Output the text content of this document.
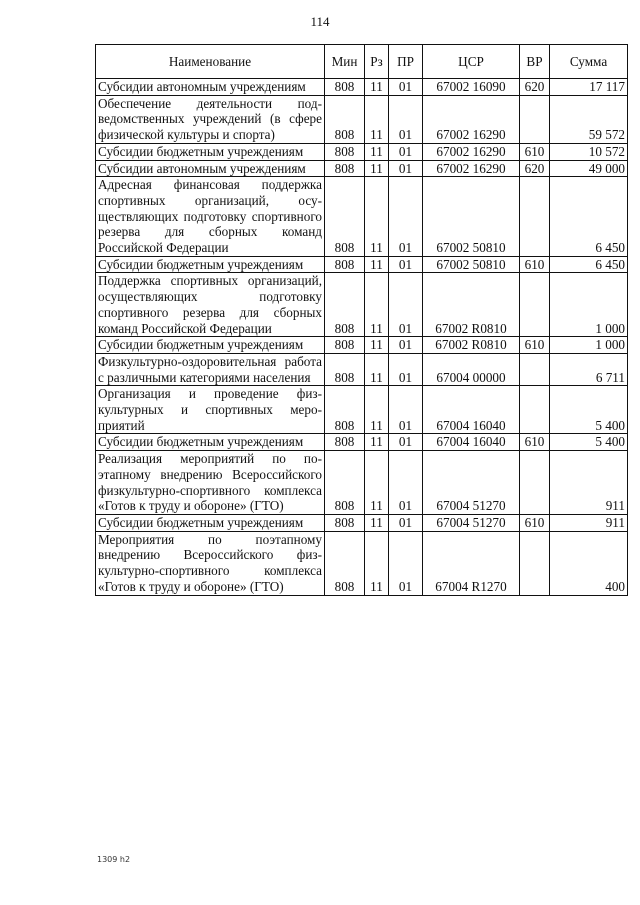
114
Наименование	Мин	Рз	ПР	ЦСР	ВР	Сумма
Субсидии автономным учреждениям	808	11	01	67002 16090	620	17 117
Обеспечение деятельности подведомственных учреждений (в сфере физической культуры и спорта)	808	11	01	67002 16290		59 572
Субсидии бюджетным учреждениям	808	11	01	67002 16290	610	10 572
Субсидии автономным учреждениям	808	11	01	67002 16290	620	49 000
Адресная финансовая поддержка спортивных организаций, осуществляющих подготовку спортивного резерва для сборных команд Российской Федерации	808	11	01	67002 50810		6 450
Субсидии бюджетным учреждениям	808	11	01	67002 50810	610	6 450
Поддержка спортивных организаций, осуществляющих подготовку спортивного резерва для сборных команд Российской Федерации	808	11	01	67002 R0810		1 000
Субсидии бюджетным учреждениям	808	11	01	67002 R0810	610	1 000
Физкультурно-оздоровительная работа с различными категориями населения	808	11	01	67004 00000		6 711
Организация и проведение физкультурных и спортивных мероприятий	808	11	01	67004 16040		5 400
Субсидии бюджетным учреждениям	808	11	01	67004 16040	610	5 400
Реализация мероприятий по поэтапному внедрению Всероссийского физкультурно-спортивного комплекса «Готов к труду и обороне» (ГТО)	808	11	01	67004 51270		911
Субсидии бюджетным учреждениям	808	11	01	67004 51270	610	911
Мероприятия по поэтапному внедрению Всероссийского физкультурно-спортивного комплекса «Готов к труду и обороне» (ГТО)	808	11	01	67004 R1270		400
1309 h2
